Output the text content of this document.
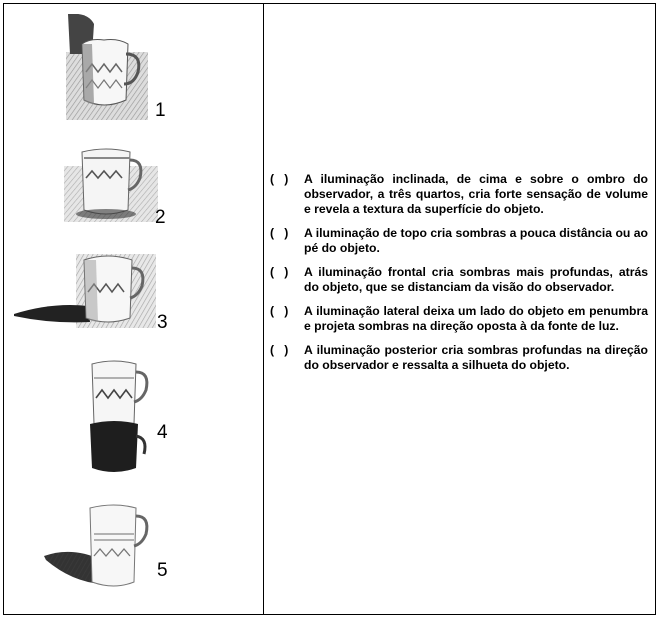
1
2
3
4
5
(   )	A iluminação inclinada, de cima e sobre o ombro do observador, a três quartos, cria forte sensação de volume e revela a textura da superfície do objeto.
(   )	A iluminação de topo cria sombras a pouca distância ou ao pé do objeto.
(   )	A iluminação frontal cria sombras mais profundas, atrás do objeto, que se distanciam da visão do observador.
(   )	A iluminação lateral deixa um lado do objeto em penumbra e projeta sombras na direção oposta à da fonte de luz.
(   )	A iluminação posterior cria sombras profundas na direção do observador e ressalta a silhueta do objeto.
